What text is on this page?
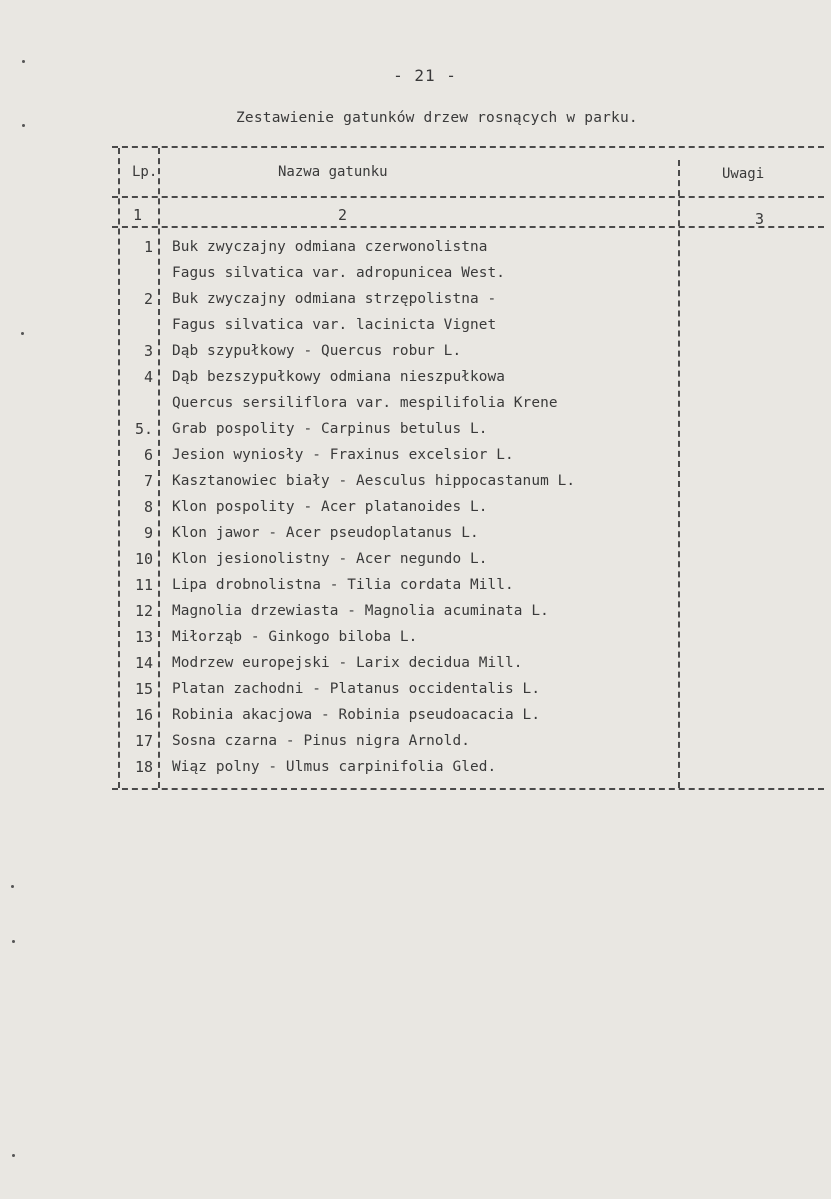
- 21 -
Zestawienie gatunków drzew rosnących w parku.
Lp.	Nazwa gatunku	Uwagi
1	2	3
1 Buk zwyczajny odmiana czerwonolistna
Fagus silvatica var. adropunicea West.
2 Buk zwyczajny odmiana strzępolistna -
Fagus silvatica var. lacinicta Vignet
3 Dąb szypułkowy - Quercus robur L.
4 Dąb bezszypułkowy odmiana nieszpułkowa
Quercus sersiliflora var. mespilifolia Krene
5. Grab pospolity - Carpinus betulus L.
6 Jesion wyniosły - Fraxinus excelsior L.
7 Kasztanowiec biały - Aesculus hippocastanum L.
8 Klon pospolity - Acer platanoides L.
9 Klon jawor - Acer pseudoplatanus L.
10 Klon jesionolistny - Acer negundo L.
11 Lipa drobnolistna - Tilia cordata Mill.
12 Magnolia drzewiasta - Magnolia acuminata L.
13 Miłorząb - Ginkogo biloba L.
14 Modrzew europejski - Larix decidua Mill.
15 Platan zachodni - Platanus occidentalis L.
16 Robinia akacjowa - Robinia pseudoacacia L.
17 Sosna czarna - Pinus nigra Arnold.
18 Wiąz polny - Ulmus carpinifolia Gled.
